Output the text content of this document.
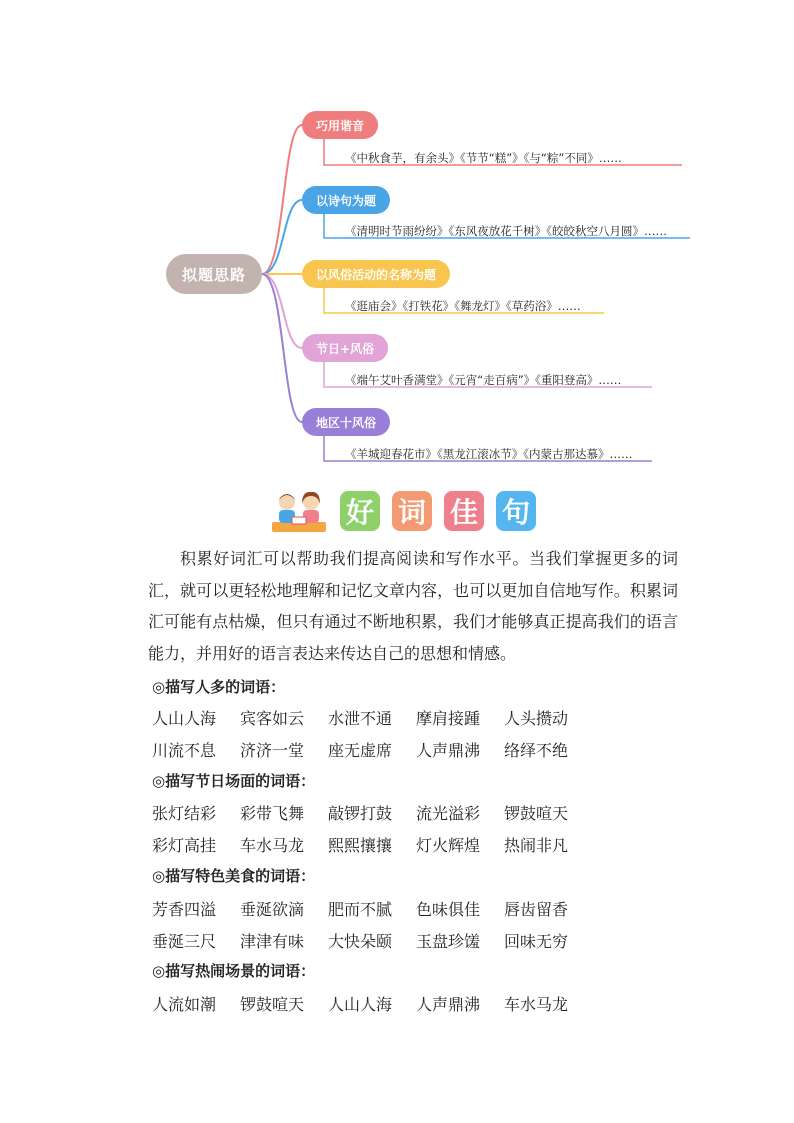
拟题思路
巧用谐音
《中秋食芋，有余头》《节节“糕”》《与“粽”不同》……
以诗句为题
《清明时节雨纷纷》《东风夜放花千树》《皎皎秋空八月圆》……
以风俗活动的名称为题
《逛庙会》《打铁花》《舞龙灯》《草药浴》……
节日+风俗
《端午艾叶香满堂》《元宵“走百病”》《重阳登高》……
地区十风俗
《羊城迎春花市》《黑龙江滚冰节》《内蒙古那达慕》……
好 词 佳 句

积累好词汇可以帮助我们提高阅读和写作水平。当我们掌握更多的词汇，就可以更轻松地理解和记忆文章内容，也可以更加自信地写作。积累词汇可能有点枯燥，但只有通过不断地积累，我们才能够真正提高我们的语言能力，并用好的语言表达来传达自己的思想和情感。

◎描写人多的词语：
人山人海	宾客如云	水泄不通	摩肩接踵	人头攒动
川流不息	济济一堂	座无虚席	人声鼎沸	络绎不绝
◎描写节日场面的词语：
张灯结彩	彩带飞舞	敲锣打鼓	流光溢彩	锣鼓喧天
彩灯高挂	车水马龙	熙熙攘攘	灯火辉煌	热闹非凡
◎描写特色美食的词语：
芳香四溢	垂涎欲滴	肥而不腻	色味俱佳	唇齿留香
垂涎三尺	津津有味	大快朵颐	玉盘珍馐	回味无穷
◎描写热闹场景的词语：
人流如潮	锣鼓喧天	人山人海	人声鼎沸	车水马龙
